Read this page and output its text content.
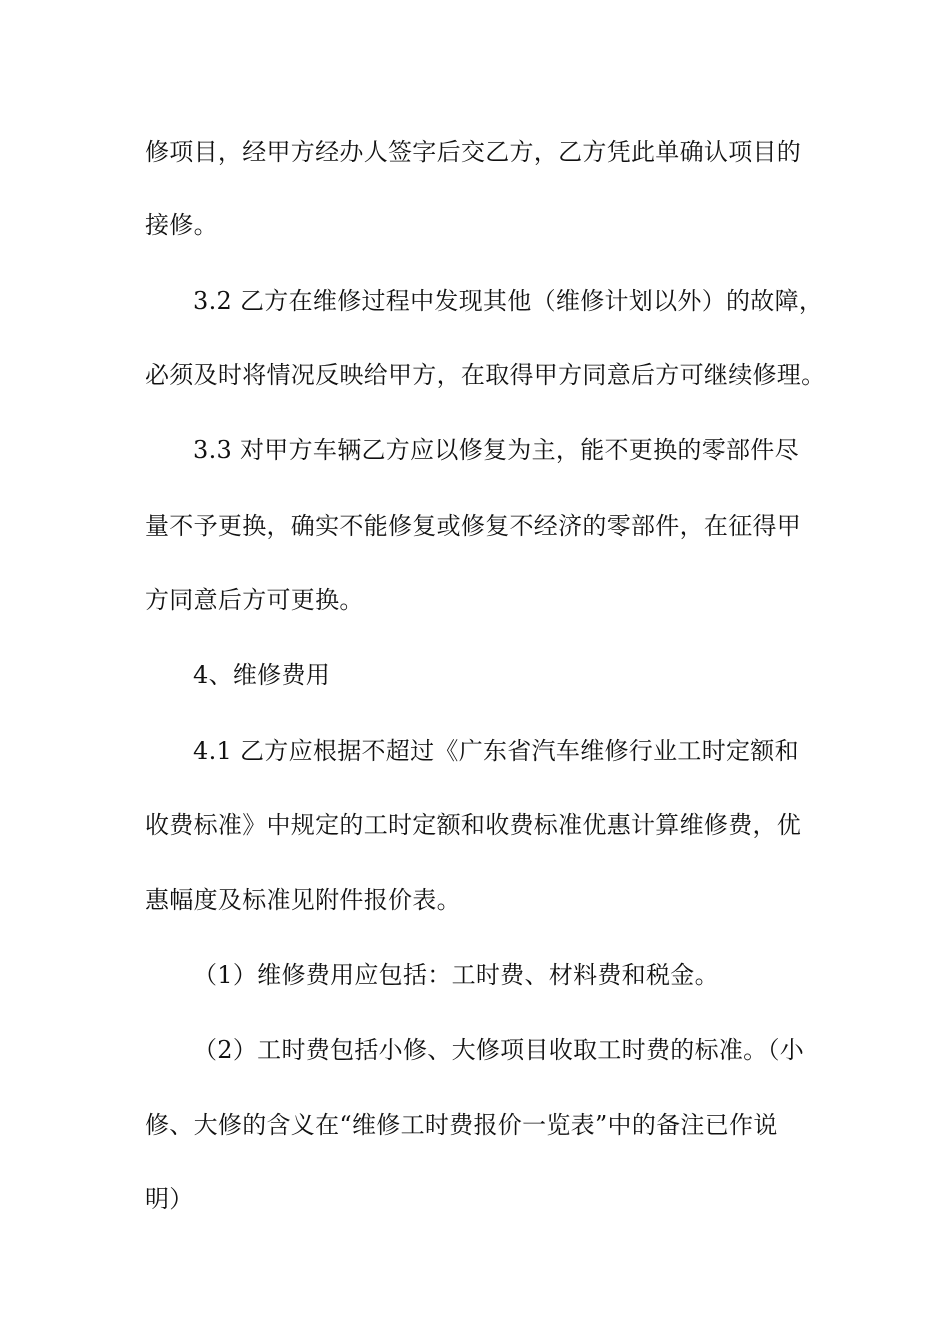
修项目，经甲方经办人签字后交乙方，乙方凭此单确认项目的
接修。
3.2 乙方在维修过程中发现其他（维修计划以外）的故障，
必须及时将情况反映给甲方，在取得甲方同意后方可继续修理。
3.3 对甲方车辆乙方应以修复为主，能不更换的零部件尽
量不予更换，确实不能修复或修复不经济的零部件，在征得甲
方同意后方可更换。
4、维修费用
4.1 乙方应根据不超过《广东省汽车维修行业工时定额和
收费标准》中规定的工时定额和收费标准优惠计算维修费，优
惠幅度及标准见附件报价表。
（1）维修费用应包括：工时费、材料费和税金。
（2）工时费包括小修、大修项目收取工时费的标准。（小
修、大修的含义在“维修工时费报价一览表”中的备注已作说
明）
